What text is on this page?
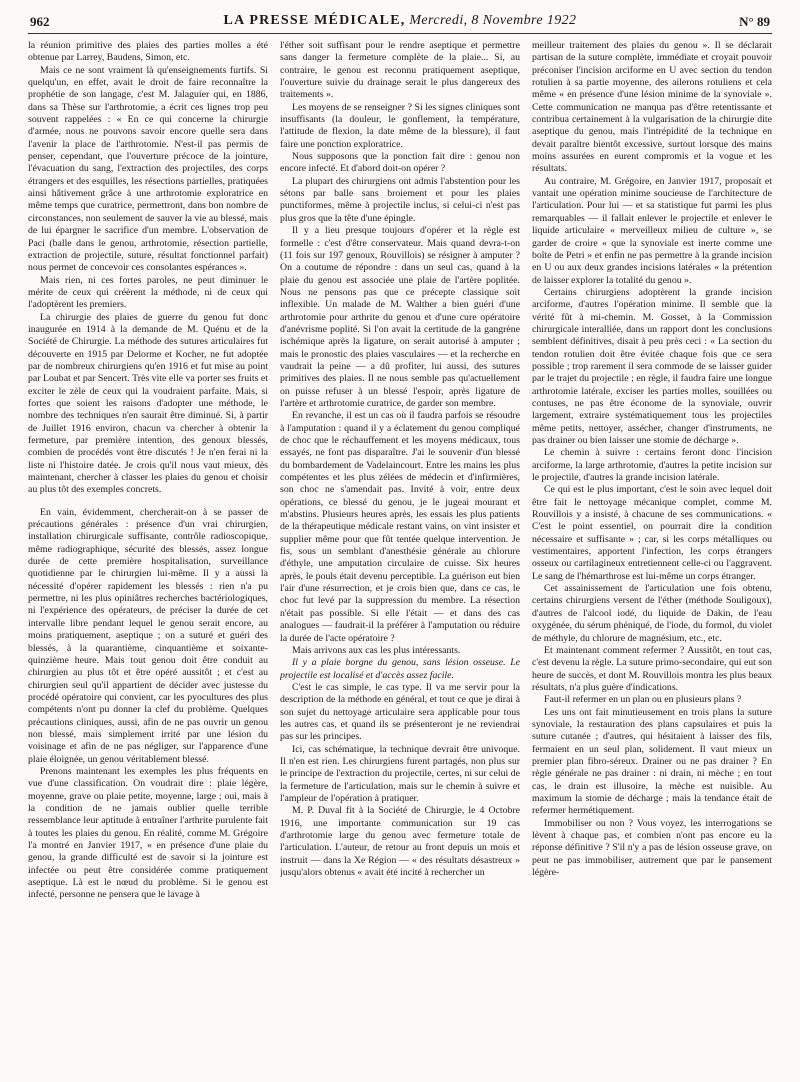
962	LA PRESSE MÉDICALE, Mercredi, 8 Novembre 1922	N° 89

la réunion primitive des plaies des parties molles a été obtenue par Larrey, Baudens, Simon, etc.

Mais ce ne sont vraiment là qu'enseignements furtifs. Si quelqu'un, en effet, avait le droit de faire reconnaître la prophétie de son langage, c'est M. Jalaguier qui, en 1886, dans sa Thèse sur l'arthrotomie, a écrit ces lignes trop peu souvent rappelées : « En ce qui concerne la chirurgie d'armée, nous ne pouvons savoir encore quelle sera dans l'avenir la place de l'arthrotomie. N'est-il pas permis de penser, cependant, que l'ouverture précoce de la jointure, l'évacuation du sang, l'extraction des projectiles, des corps étrangers et des esquilles, les résections partielles, pratiquées ainsi hâtivement grâce à une arthrotomie exploratrice en même temps que curatrice, permettront, dans bon nombre de circonstances, non seulement de sauver la vie au blessé, mais de lui épargner le sacrifice d'un membre. L'observation de Paci (balle dans le genou, arthrotomie, résection partielle, extraction de projectile, suture, résultat fonctionnel parfait) nous permet de concevoir ces consolantes espérances ».

Mais rien, ni ces fortes paroles, ne peut diminuer le mérite de ceux qui créèrent la méthode, ni de ceux qui l'adoptèrent les premiers.

La chirurgie des plaies de guerre du genou fut donc inaugurée en 1914 à la demande de M. Quénu et de la Société de Chirurgie. La méthode des sutures articulaires fut découverte en 1915 par Delorme et Kocher, ne fut adoptée par de nombreux chirurgiens qu'en 1916 et fut mise au point par Loubat et par Sencert. Très vite elle va porter ses fruits et exciter le zèle de ceux qui la voudraient parfaite. Mais, si fortes que soient les raisons d'adopter une méthode, le nombre des techniques n'en saurait être diminué. Si, à partir de Juillet 1916 environ, chacun va chercher à obtenir la fermeture, par première intention, des genoux blessés, combien de procédés vont être discutés ! Je n'en ferai ni la liste ni l'histoire datée. Je crois qu'il nous vaut mieux, dès maintenant, chercher à classer les plaies du genou et choisir au plus tôt des exemples concrets.

En vain, évidemment, chercherait-on à se passer de précautions générales : présence d'un vrai chirurgien, installation chirurgicale suffisante, contrôle radioscopique, même radiographique, sécurité des blessés, assez longue durée de cette première hospitalisation, surveillance quotidienne par le chirurgien lui-même. Il y a aussi la nécessité d'opérer rapidement les blessés : rien n'a pu permettre, ni les plus opiniâtres recherches bactériologiques, ni l'expérience des opérateurs, de préciser la durée de cet intervalle libre pendant lequel le genou serait encore, au moins pratiquement, aseptique ; on a suturé et guéri des blessés, à la quarantième, cinquantième et soixante-quinzième heure. Mais tout genou doit être conduit au chirurgien au plus tôt et être opéré aussitôt ; et c'est au chirurgien seul qu'il appartient de décider avec justesse du procédé opératoire qui convient, car les pyocultures des plus compétents n'ont pu donner la clef du problème. Quelques précautions cliniques, aussi, afin de ne pas ouvrir un genou non blessé, mais simplement irrité par une lésion du voisinage et afin de ne pas négliger, sur l'apparence d'une plaie éloignée, un genou véritablement blessé.

Prenons maintenant les exemples les plus fréquents en vue d'une classification. On voudrait dire : plaie légère, moyenne, grave ou plaie petite, moyenne, large ; oui, mais à la condition de ne jamais oublier quelle terrible ressemblance leur aptitude à entraîner l'arthrite purulente fait à toutes les plaies du genou. En réalité, comme M. Grégoire l'a montré en Janvier 1917, « en présence d'une plaie du genou, la grande difficulté est de savoir si la jointure est infectée ou peut être considérée comme pratiquement aseptique. Là est le nœud du problème. Si le genou est infecté, personne ne pensera que le lavage à

l'éther soit suffisant pour le rendre aseptique et permettre sans danger la fermeture complète de la plaie... Si, au contraire, le genou est reconnu pratiquement aseptique, l'ouverture suivie du drainage serait le plus dangereux des traitements ».

Les moyens de se renseigner ? Si les signes cliniques sont insuffisants (la douleur, le gonflement, la température, l'attitude de flexion, la date même de la blessure), il faut faire une ponction exploratrice.

Nous supposons que la ponction fait dire : genou non encore infecté. Et d'abord doit-on opérer ?

La plupart des chirurgiens ont admis l'abstention pour les sétons par balle sans broiement et pour les plaies punctiformes, même à projectile inclus, si celui-ci n'est pas plus gros que la tête d'une épingle.

Il y a lieu presque toujours d'opérer et la règle est formelle : c'est d'être conservateur. Mais quand devra-t-on (11 fois sur 197 genoux, Rouvillois) se résigner à amputer ? On a coutume de répondre : dans un seul cas, quand à la plaie du genou est associée une plaie de l'artère poplitée. Nous ne pensons pas que ce précepte classique soit inflexible. Un malade de M. Walther a bien guéri d'une arthrotomie pour arthrite du genou et d'une cure opératoire d'anévrisme poplité. Si l'on avait la certitude de la gangrène ischémique après la ligature, on serait autorisé à amputer ; mais le pronostic des plaies vasculaires — et la recherche en vaudrait la peine — a dû profiter, lui aussi, des sutures primitives des plaies. Il ne nous semble pas qu'actuellement on puisse refuser à un blessé l'espoir, après ligature de l'artère et arthrotomie curatrice, de garder son membre.

En revanche, il est un cas où il faudra parfois se résoudre à l'amputation : quand il y a éclatement du genou compliqué de choc que le réchauffement et les moyens médicaux, tous essayés, ne font pas disparaître. J'ai le souvenir d'un blessé du bombardement de Vadelaincourt. Entre les mains les plus compétentes et les plus zélées de médecin et d'infirmières, son choc ne s'amendait pas. Invité à voir, entre deux opérations, ce blessé du genou, je le jugeai mourant et m'abstins. Plusieurs heures après, les essais les plus patients de la thérapeutique médicale restant vains, on vint insister et supplier même pour que fût tentée quelque intervention. Je fis, sous un semblant d'anesthésie générale au chlorure d'éthyle, une amputation circulaire de cuisse. Six heures après, le pouls était devenu perceptible. La guérison eut bien l'air d'une résurrection, et je crois bien que, dans ce cas, le choc fut levé par la suppression du membre. La résection n'était pas possible. Si elle l'était — et dans des cas analogues — faudrait-il la préférer à l'amputation ou réduire la durée de l'acte opératoire ?

Mais arrivons aux cas les plus intéressants.

Il y a plaie borgne du genou, sans lésion osseuse. Le projectile est localisé et d'accès assez facile.

C'est le cas simple, le cas type. Il va me servir pour la description de la méthode en général, et tout ce que je dirai à son sujet du nettoyage articulaire sera applicable pour tous les autres cas, et quand ils se présenteront je ne reviendrai pas sur les principes.

Ici, cas schématique, la technique devrait être univoque. Il n'en est rien. Les chirurgiens furent partagés, non plus sur le principe de l'extraction du projectile, certes, ni sur celui de la fermeture de l'articulation, mais sur le chemin à suivre et l'ampleur de l'opération à pratiquer.

M. P. Duval fit à la Société de Chirurgie, le 4 Octobre 1916, une importante communication sur 19 cas d'arthrotomie large du genou avec fermeture totale de l'articulation. L'auteur, de retour au front depuis un mois et instruit — dans la Xe Région — « des résultats désastreux » jusqu'alors obtenus « avait été incité à rechercher un

meilleur traitement des plaies du genou ». Il se déclarait partisan de la suture complète, immédiate et croyait pouvoir préconiser l'incision arciforme en U avec section du tendon rotulien à sa partie moyenne, des ailerons rotuliens et cela même « en présence d'une lésion minime de la synoviale ». Cette communication ne manqua pas d'être retentissante et contribua certainement à la vulgarisation de la chirurgie dite aseptique du genou, mais l'intrépidité de la technique en devait paraître bientôt excessive, surtout lorsque des mains moins assurées en eurent compromis et la vogue et les résultats.

Au contraire, M. Grégoire, en Janvier 1917, proposait et vantait une opération minime soucieuse de l'architecture de l'articulation. Pour lui — et sa statistique fut parmi les plus remarquables — il fallait enlever le projectile et enlever le liquide articulaire « merveilleux milieu de culture », se garder de croire « que la synoviale est inerte comme une boîte de Petri » et enfin ne pas permettre à la grande incision en U ou aux deux grandes incisions latérales « la prétention de laisser explorer la totalité du genou ».

Certains chirurgiens adoptèrent la grande incision arciforme, d'autres l'opération minime. Il semble que la vérité fût à mi-chemin. M. Gosset, à la Commission chirurgicale interalliée, dans un rapport dont les conclusions semblent définitives, disait à peu près ceci : « La section du tendon rotulien doit être évitée chaque fois que ce sera possible ; trop rarement il sera commode de se laisser guider par le trajet du projectile ; en règle, il faudra faire une longue arthrotomie latérale, exciser les parties molles, souillées ou contuses, ne pas être économe de la synoviale, ouvrir largement, extraire systématiquement tous les projectiles même petits, nettoyer, assécher, changer d'instruments, ne pas drainer ou bien laisser une stomie de décharge ».

Le chemin à suivre : certains feront donc l'incision arciforme, la large arthrotomie, d'autres la petite incision sur le projectile, d'autres la grande incision latérale.

Ce qui est le plus important, c'est le soin avec lequel doit être fait le nettoyage mécanique complet, comme M. Rouvillois y a insisté, à chacune de ses communications. « C'est le point essentiel, on pourrait dire la condition nécessaire et suffisante » ; car, si les corps métalliques ou vestimentaires, apportent l'infection, les corps étrangers osseux ou cartilagineux entretiennent celle-ci ou l'aggravent. Le sang de l'hémarthrose est lui-même un corps étranger.

Cet assainissement de l'articulation une fois obtenu, certains chirurgiens versent de l'éther (méthode Souligoux), d'autres de l'alcool iodé, du liquide de Dakin, de l'eau oxygénée, du sérum phéniqué, de l'iode, du formol, du violet de méthyle, du chlorure de magnésium, etc., etc.

Et maintenant comment refermer ? Aussitôt, en tout cas, c'est devenu la règle. La suture primo-secondaire, qui eut son heure de succès, et dont M. Rouvillois montra les plus beaux résultats, n'a plus guère d'indications.

Faut-il refermer en un plan ou en plusieurs plans ?

Les uns ont fait minutieusement en trois plans la suture synoviale, la restauration des plans capsulaires et puis la suture cutanée ; d'autres, qui hésitaient à laisser des fils, fermaient en un seul plan, solidement. Il vaut mieux un premier plan fibro-séreux. Drainer ou ne pas drainer ? En règle générale ne pas drainer : ni drain, ni mèche ; en tout cas, le drain est illusoire, la mèche est nuisible. Au maximum la stomie de décharge ; mais la tendance était de refermer hermétiquement.

Immobiliser ou non ? Vous voyez, les interrogations se lèvent à chaque pas, et combien n'ont pas encore eu la réponse définitive ? S'il n'y a pas de lésion osseuse grave, on peut ne pas immobiliser, autrement que par le pansement légère-
